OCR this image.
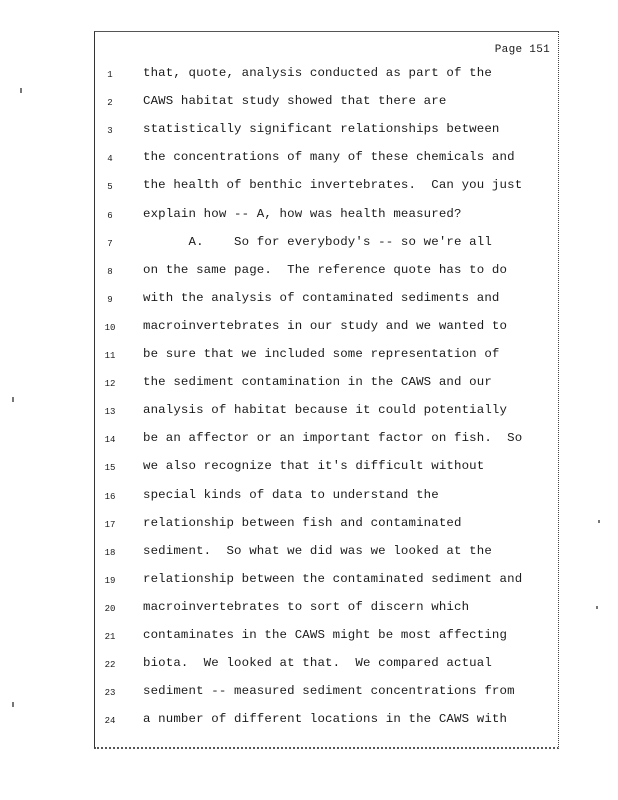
Page 151
1	that, quote, analysis conducted as part of the
2	CAWS habitat study showed that there are
3	statistically significant relationships between
4	the concentrations of many of these chemicals and
5	the health of benthic invertebrates.  Can you just
6	explain how -- A, how was health measured?
7	A.    So for everybody's -- so we're all
8	on the same page.  The reference quote has to do
9	with the analysis of contaminated sediments and
10	macroinvertebrates in our study and we wanted to
11	be sure that we included some representation of
12	the sediment contamination in the CAWS and our
13	analysis of habitat because it could potentially
14	be an affector or an important factor on fish.  So
15	we also recognize that it's difficult without
16	special kinds of data to understand the
17	relationship between fish and contaminated
18	sediment.  So what we did was we looked at the
19	relationship between the contaminated sediment and
20	macroinvertebrates to sort of discern which
21	contaminates in the CAWS might be most affecting
22	biota.  We looked at that.  We compared actual
23	sediment -- measured sediment concentrations from
24	a number of different locations in the CAWS with
